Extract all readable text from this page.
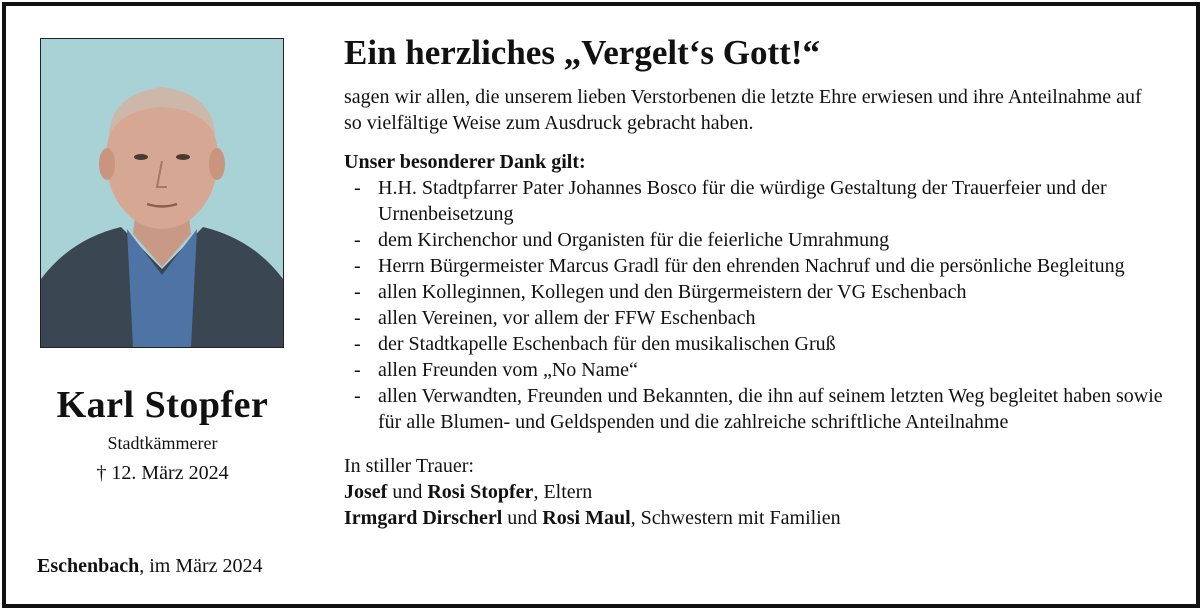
Karl Stopfer
Stadtkämmerer
† 12. März 2024
Eschenbach, im März 2024
Ein herzliches „Vergelt‘s Gott!“

sagen wir allen, die unserem lieben Verstorbenen die letzte Ehre erwiesen und ihre Anteilnahme auf so vielfältige Weise zum Ausdruck gebracht haben.

Unser besonderer Dank gilt:
- H.H. Stadtpfarrer Pater Johannes Bosco für die würdige Gestaltung der Trauerfeier und der Urnenbeisetzung
- dem Kirchenchor und Organisten für die feierliche Umrahmung
- Herrn Bürgermeister Marcus Gradl für den ehrenden Nachruf und die persönliche Begleitung
- allen Kolleginnen, Kollegen und den Bürgermeistern der VG Eschenbach
- allen Vereinen, vor allem der FFW Eschenbach
- der Stadtkapelle Eschenbach für den musikalischen Gruß
- allen Freunden vom „No Name“
- allen Verwandten, Freunden und Bekannten, die ihn auf seinem letzten Weg begleitet haben sowie für alle Blumen- und Geldspenden und die zahlreiche schriftliche Anteilnahme
In stiller Trauer:
Josef und Rosi Stopfer, Eltern
Irmgard Dirscherl und Rosi Maul, Schwestern mit Familien
